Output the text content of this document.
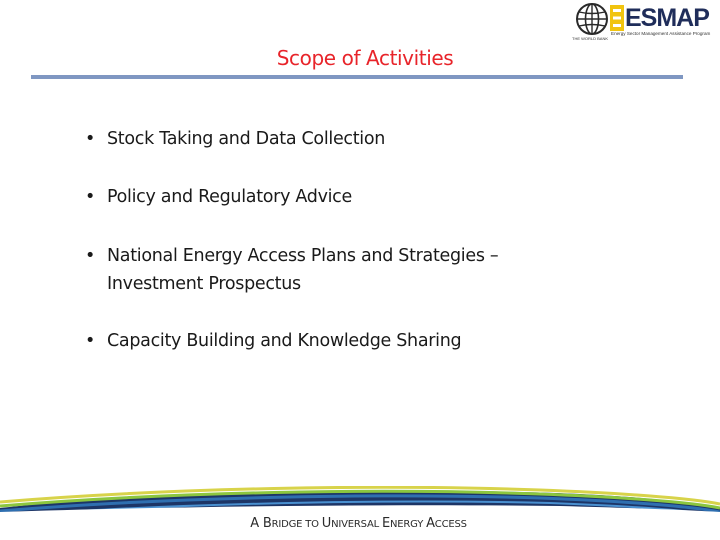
THE WORLD BANK
ESMAP
Energy Sector Management Assistance Program
Scope of Activities
• Stock Taking and Data Collection
• Policy and Regulatory Advice
• National Energy Access Plans and Strategies –
Investment Prospectus
• Capacity Building and Knowledge Sharing
A BRIDGE TO UNIVERSAL ENERGY ACCESS
